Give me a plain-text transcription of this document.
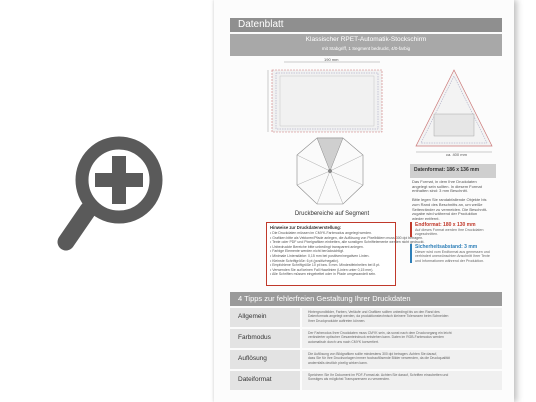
Datenblatt
Klassischer RPET-Automatik-Stockschirm
mit Stabgriff, 1 Segment bedruckt, 4/0-farbig
190 mm
ca. 400 mm
Druckbereiche auf Segment
Hinweise zur Druckdatenerstellung:
• Die Druckdaten müssen im CMYK-Farbmodus angelegt werden.
• Grafiken bitte als Vektoren/Pfade anlegen, die Auflösung von Pixelbildern muss 300 dpi betragen.
• Texte oder PDF und Pixelgrafiken einbetten, alle sonstigen Schriftelemente werden nicht gedruckt.
• Unbedruckte Bereiche bitte unbedingt transparent anlegen.
• Farbige Elemente werden nicht berücksichtigt.
• Minimale Linienstärke: 0,15 mm bei positiven/negativen Linien.
• Kleinste Schriftgröße: 6 pt (positiv/negativ).
• Empfohlene Schriftgröße 10 pt bzw. 5 mm. Mindestfeinheiten bei 8 pt.
• Verwenden Sie auf keinen Fall Haarlinien (Linien unter 0,15 mm).
• Alle Schriften müssen eingebettet oder in Pfade umgewandelt sein.
Datenformat: 186 x 136 mm
Das Format, in dem Ihre Druckdaten
angelegt sein sollten. In diesem Format
enthalten sind: 3 mm Beschnitt.

Bitte legen Sie randabfallende Objekte bis
zum Rand des Beschnitts an, um weiße
Seitenränder zu vermeiden. Die Beschnitt-
zugabe wird während der Produktion
wieder entfernt.
Endformat: 180 x 130 mm
Auf dieses Format werden Ihre Druckdaten
zugeschnitten.
Sicherheitsabstand: 3 mm
Dieser wird vom Endformat aus gemessen und
verhindert unerwünschten Anschnitt Ihrer Texte
und Informationen während der Produktion.
4 Tipps zur fehlerfreien Gestaltung Ihrer Druckdaten
Allgemein
Hintergrundbilder, Farben, Verläufe und Grafiken sollten unbedingt bis an den Rand des
Datenformats angelegt werden, da produktionstechnisch kleinere Toleranzen beim Schneiden
Ihrer Druckprodukte auftreten können.
Farbmodus
Der Farbmodus Ihrer Druckdaten muss CMYK sein, da sonst nach dem Druckvorgang ein leicht
veränderter optischer Gesamteindruck entstehen kann. Daten im RGB-Farbmodus werden
automatisch durch uns nach CMYK konvertiert.
Auflösung
Die Auflösung von Bildgrafiken sollte mindestens 300 dpi betragen. Achten Sie darauf,
dass Sie für Ihre Druckvorlagen immer hochauflösende Bilder verwenden, da die Druckqualität
andernfalls deutlich pixelig wirken kann.
Dateiformat
Speichern Sie Ihr Dokument im PDF-Format ab. Achten Sie darauf, Schriften einzubetten und
Sonstiges als möglichst Transparenzen zu verwenden.
